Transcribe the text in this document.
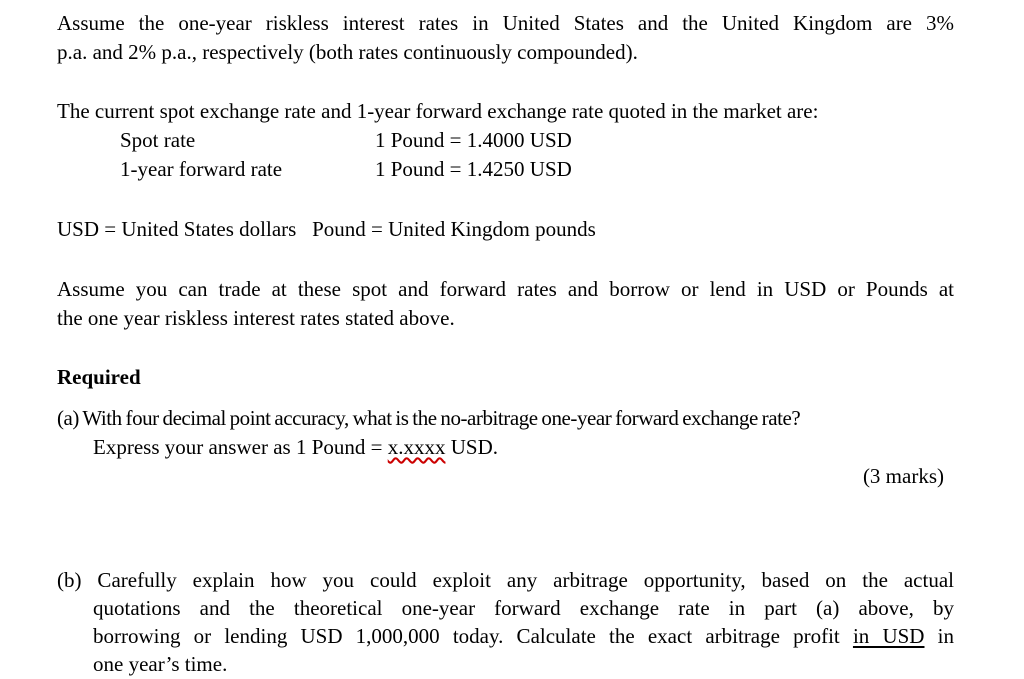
Assume the one-year riskless interest rates in United States and the United Kingdom are 3%
p.a. and 2% p.a., respectively (both rates continuously compounded).
The current spot exchange rate and 1-year forward exchange rate quoted in the market are:
Spot rate	1 Pound = 1.4000 USD
1-year forward rate	1 Pound = 1.4250 USD
USD = United States dollars   Pound = United Kingdom pounds
Assume you can trade at these spot and forward rates and borrow or lend in USD or Pounds at
the one year riskless interest rates stated above.
Required
(a) With four decimal point accuracy, what is the no-arbitrage one-year forward exchange rate?
Express your answer as 1 Pound = x.xxxx USD.
(3 marks)
(b) Carefully explain how you could exploit any arbitrage opportunity, based on the actual
quotations and the theoretical one-year forward exchange rate in part (a) above, by
borrowing or lending USD 1,000,000 today. Calculate the exact arbitrage profit in USD in
one year’s time.
